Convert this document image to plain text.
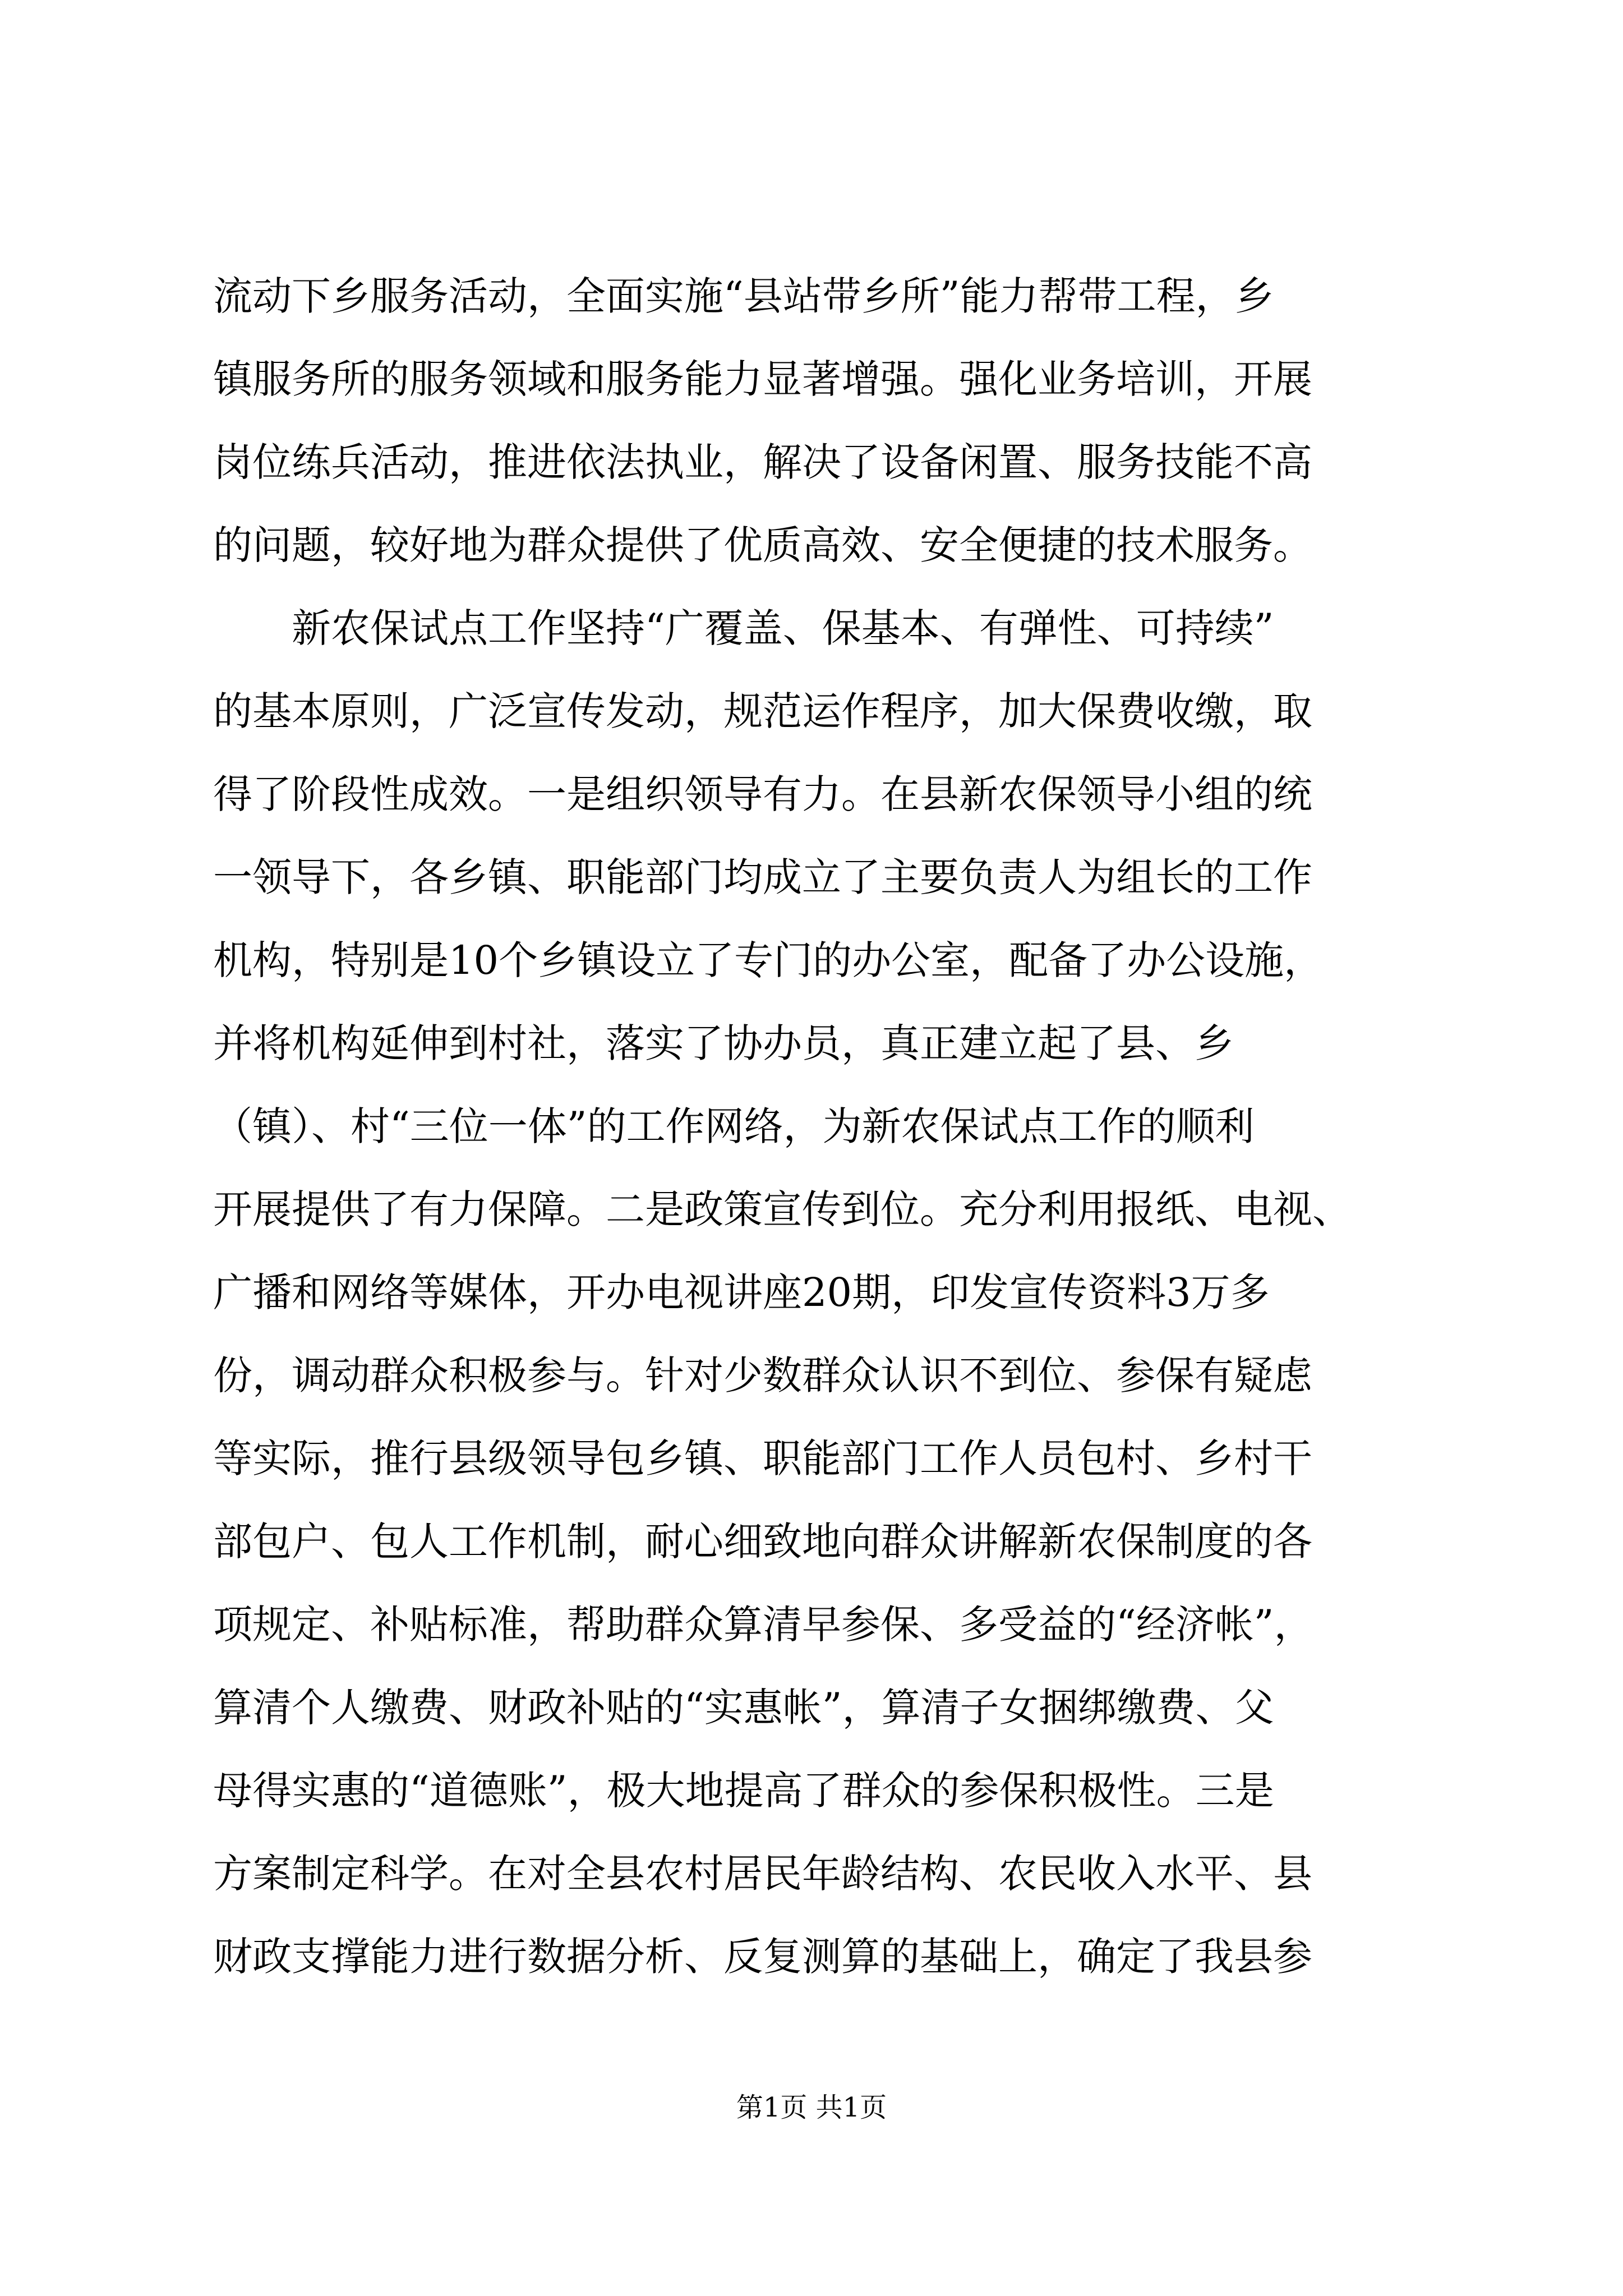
流动下乡服务活动，全面实施“县站带乡所”能力帮带工程，乡
镇服务所的服务领域和服务能力显著增强。强化业务培训，开展
岗位练兵活动，推进依法执业，解决了设备闲置、服务技能不高
的问题，较好地为群众提供了优质高效、安全便捷的技术服务。
　　新农保试点工作坚持“广覆盖、保基本、有弹性、可持续”
的基本原则，广泛宣传发动，规范运作程序，加大保费收缴，取
得了阶段性成效。一是组织领导有力。在县新农保领导小组的统
一领导下，各乡镇、职能部门均成立了主要负责人为组长的工作
机构，特别是10个乡镇设立了专门的办公室，配备了办公设施，
并将机构延伸到村社，落实了协办员，真正建立起了县、乡
（镇）、村“三位一体”的工作网络，为新农保试点工作的顺利
开展提供了有力保障。二是政策宣传到位。充分利用报纸、电视、
广播和网络等媒体，开办电视讲座20期，印发宣传资料3万多
份，调动群众积极参与。针对少数群众认识不到位、参保有疑虑
等实际，推行县级领导包乡镇、职能部门工作人员包村、乡村干
部包户、包人工作机制，耐心细致地向群众讲解新农保制度的各
项规定、补贴标准，帮助群众算清早参保、多受益的“经济帐”，
算清个人缴费、财政补贴的“实惠帐”，算清子女捆绑缴费、父
母得实惠的“道德账”，极大地提高了群众的参保积极性。三是
方案制定科学。在对全县农村居民年龄结构、农民收入水平、县
财政支撑能力进行数据分析、反复测算的基础上，确定了我县参
第1页 共1页
